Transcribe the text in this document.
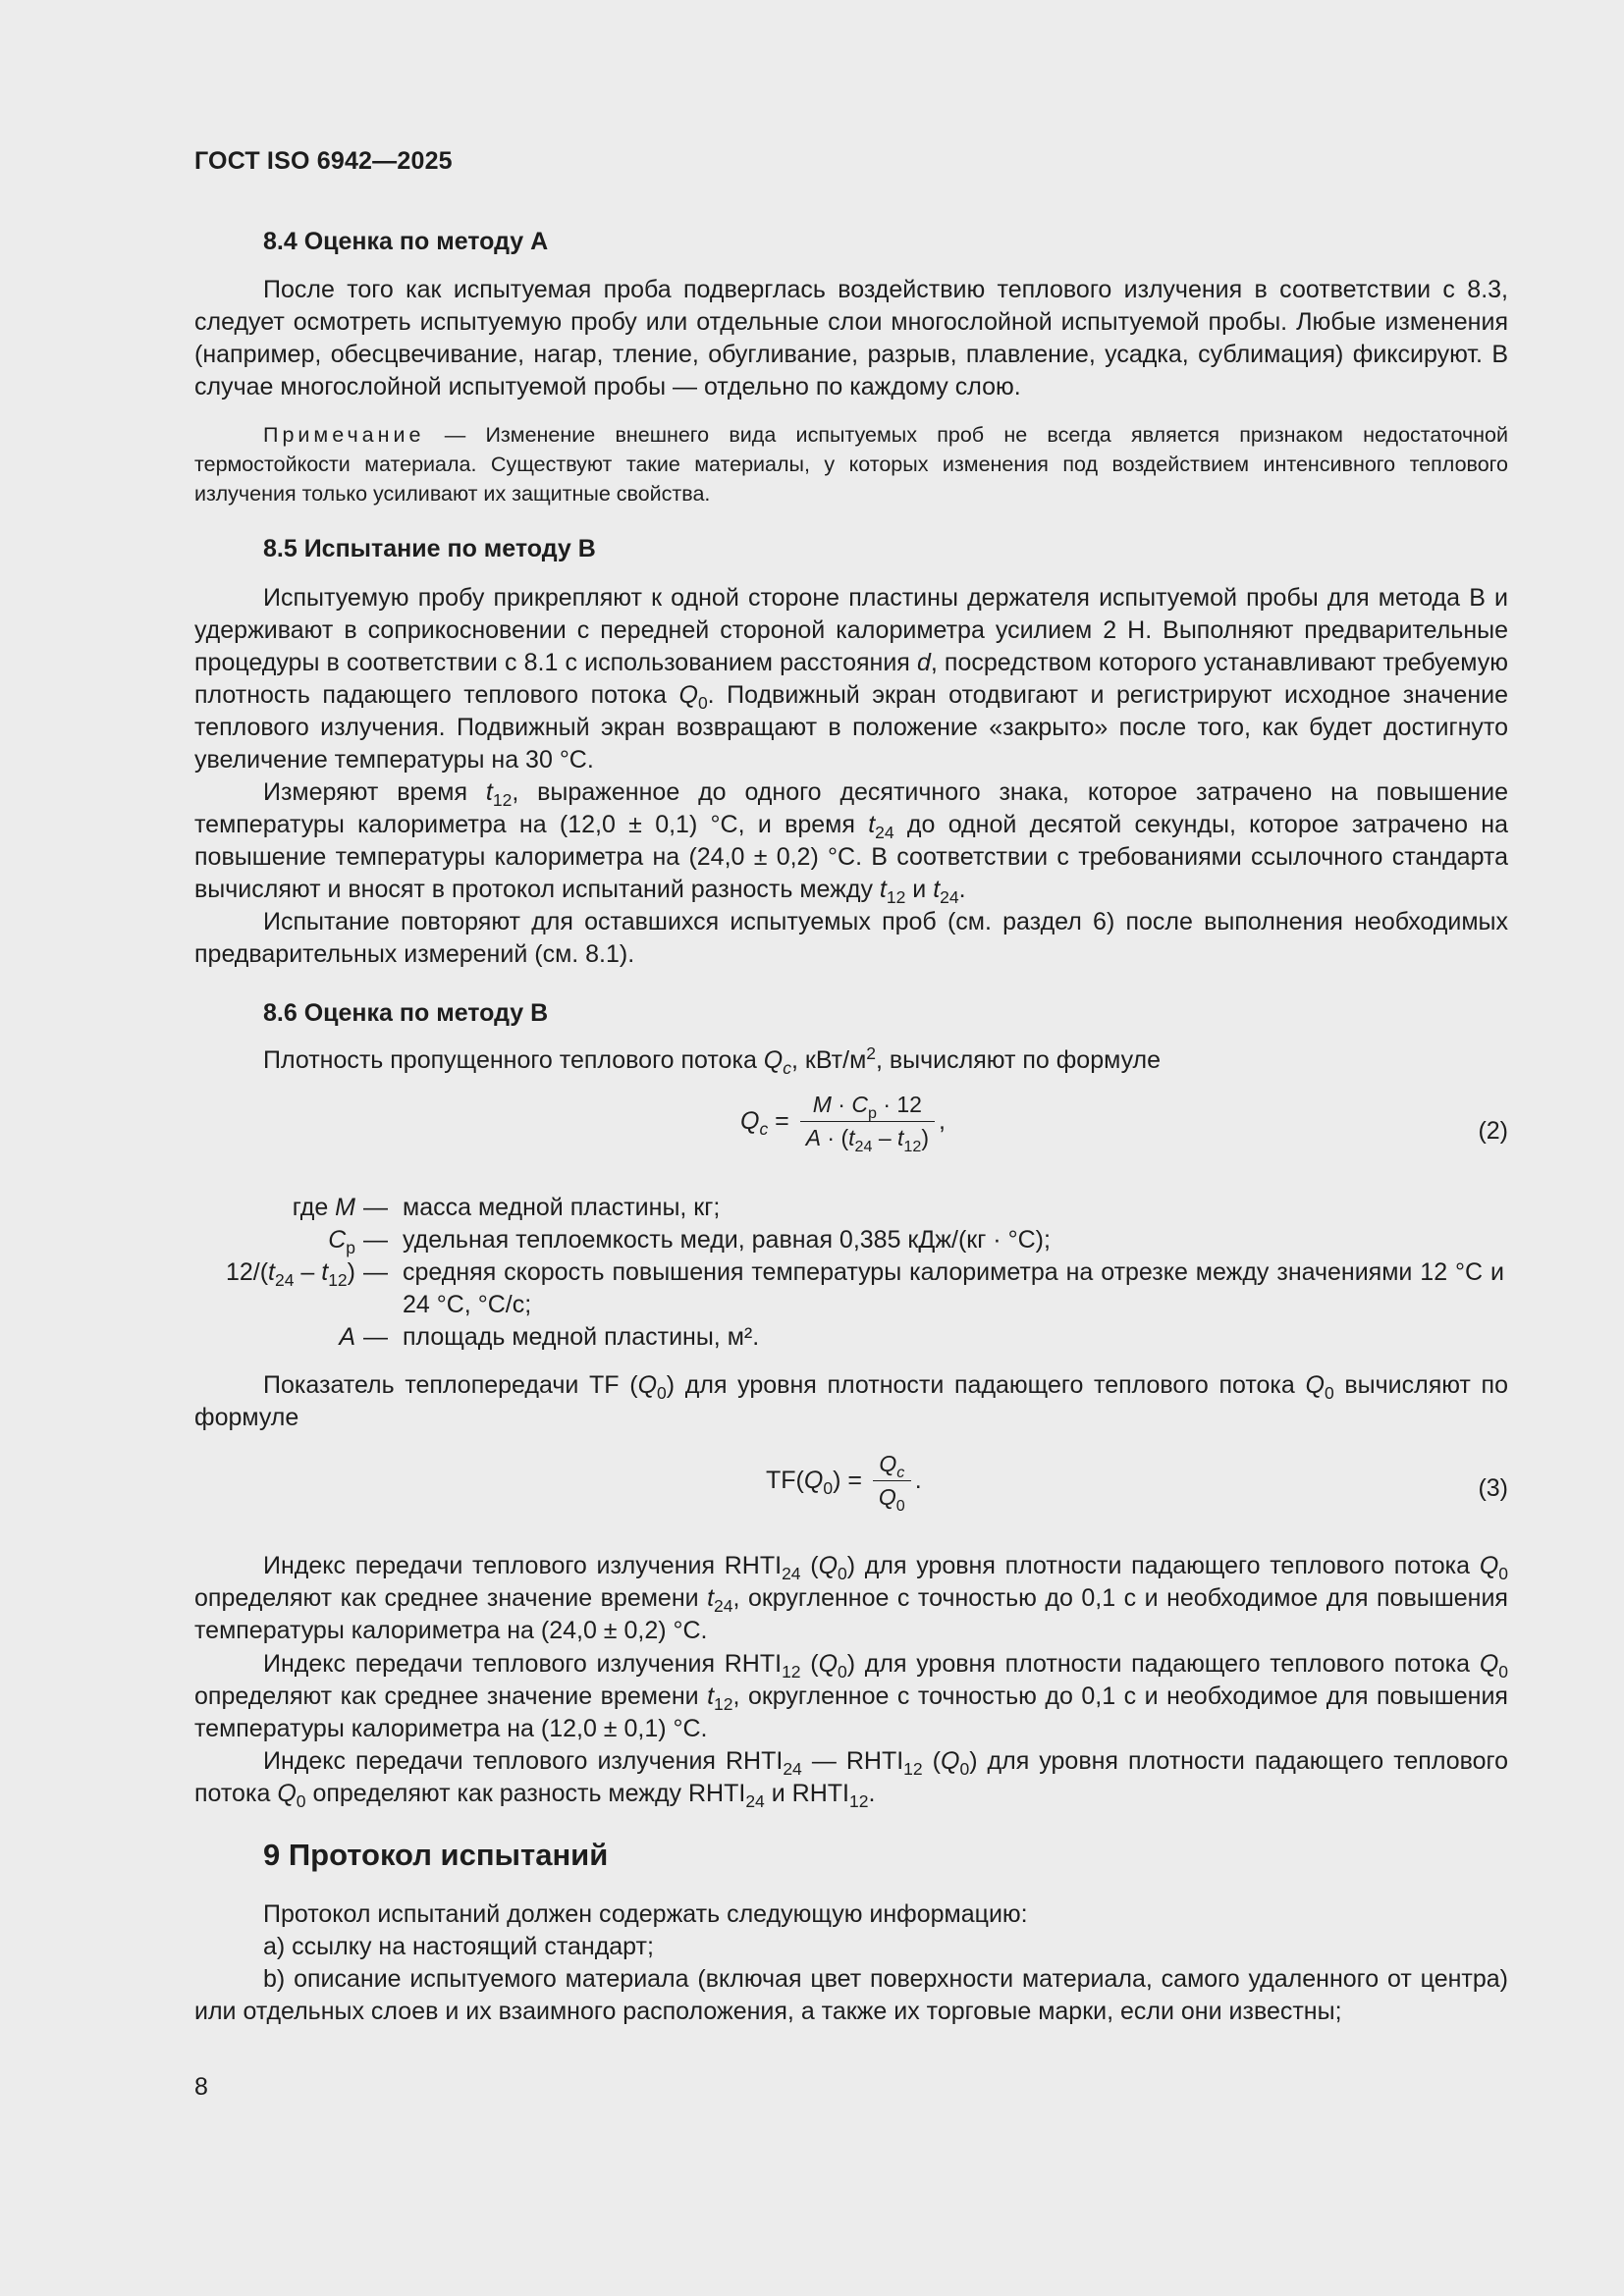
ГОСТ ISO 6942—2025
8.4 Оценка по методу А

После того как испытуемая проба подверглась воздействию теплового излучения в соответствии с 8.3, следует осмотреть испытуемую пробу или отдельные слои многослойной испытуемой пробы. Любые изменения (например, обесцвечивание, нагар, тление, обугливание, разрыв, плавление, усадка, сублимация) фиксируют. В случае многослойной испытуемой пробы — отдельно по каждому слою.

Примечание — Изменение внешнего вида испытуемых проб не всегда является признаком недостаточной термостойкости материала. Существуют такие материалы, у которых изменения под воздействием интенсивного теплового излучения только усиливают их защитные свойства.

8.5 Испытание по методу В

Испытуемую пробу прикрепляют к одной стороне пластины держателя испытуемой пробы для метода В и удерживают в соприкосновении с передней стороной калориметра усилием 2 Н. Выполняют предварительные процедуры в соответствии с 8.1 с использованием расстояния d, посредством которого устанавливают требуемую плотность падающего теплового потока $Q_0$. Подвижный экран отодвигают и регистрируют исходное значение теплового излучения. Подвижный экран возвращают в положение «закрыто» после того, как будет достигнуто увеличение температуры на 30 °С.

Измеряют время $t_{12}$, выраженное до одного десятичного знака, которое затрачено на повышение температуры калориметра на (12,0 ± 0,1) °С, и время $t_{24}$ до одной десятой секунды, которое затрачено на повышение температуры калориметра на (24,0 ± 0,2) °С. В соответствии с требованиями ссылочного стандарта вычисляют и вносят в протокол испытаний разность между $t_{12}$ и $t_{24}$.

Испытание повторяют для оставшихся испытуемых проб (см. раздел 6) после выполнения необходимых предварительных измерений (см. 8.1).

8.6 Оценка по методу В

Плотность пропущенного теплового потока $Q_c$, кВт/$м^2$, вычисляют по формуле

$Q_c = \frac{M \cdot C_p \cdot 12}{A \cdot (t_{24} - t_{12})}$ ,	(2)
где M — масса медной пластины, кг;
$C_p$ — удельная теплоемкость меди, равная 0,385 кДж/(кг · °С);
$12/(t_{24} - t_{12})$ — средняя скорость повышения температуры калориметра на отрезке между значениями 12 °С и 24 °С, °С/с;
A — площадь медной пластины, м².

Показатель теплопередачи TF $(Q_0)$ для уровня плотности падающего теплового потока $Q_0$ вычисляют по формуле

$TF(Q_0) = \frac{Q_c}{Q_0}$ .	(3)

Индекс передачи теплового излучения $RHTI_{24}$ $(Q_0)$ для уровня плотности падающего теплового потока $Q_0$ определяют как среднее значение времени $t_{24}$, округленное с точностью до 0,1 с и необходимое для повышения температуры калориметра на (24,0 ± 0,2) °С.

Индекс передачи теплового излучения $RHTI_{12}$ $(Q_0)$ для уровня плотности падающего теплового потока $Q_0$ определяют как среднее значение времени $t_{12}$, округленное с точностью до 0,1 с и необходимое для повышения температуры калориметра на (12,0 ± 0,1) °С.

Индекс передачи теплового излучения $RHTI_{24}$ — $RHTI_{12}$ $(Q_0)$ для уровня плотности падающего теплового потока $Q_0$ определяют как разность между $RHTI_{24}$ и $RHTI_{12}$.

9 Протокол испытаний

Протокол испытаний должен содержать следующую информацию:

а) ссылку на настоящий стандарт;

b) описание испытуемого материала (включая цвет поверхности материала, самого удаленного от центра) или отдельных слоев и их взаимного расположения, а также их торговые марки, если они известны;

8
